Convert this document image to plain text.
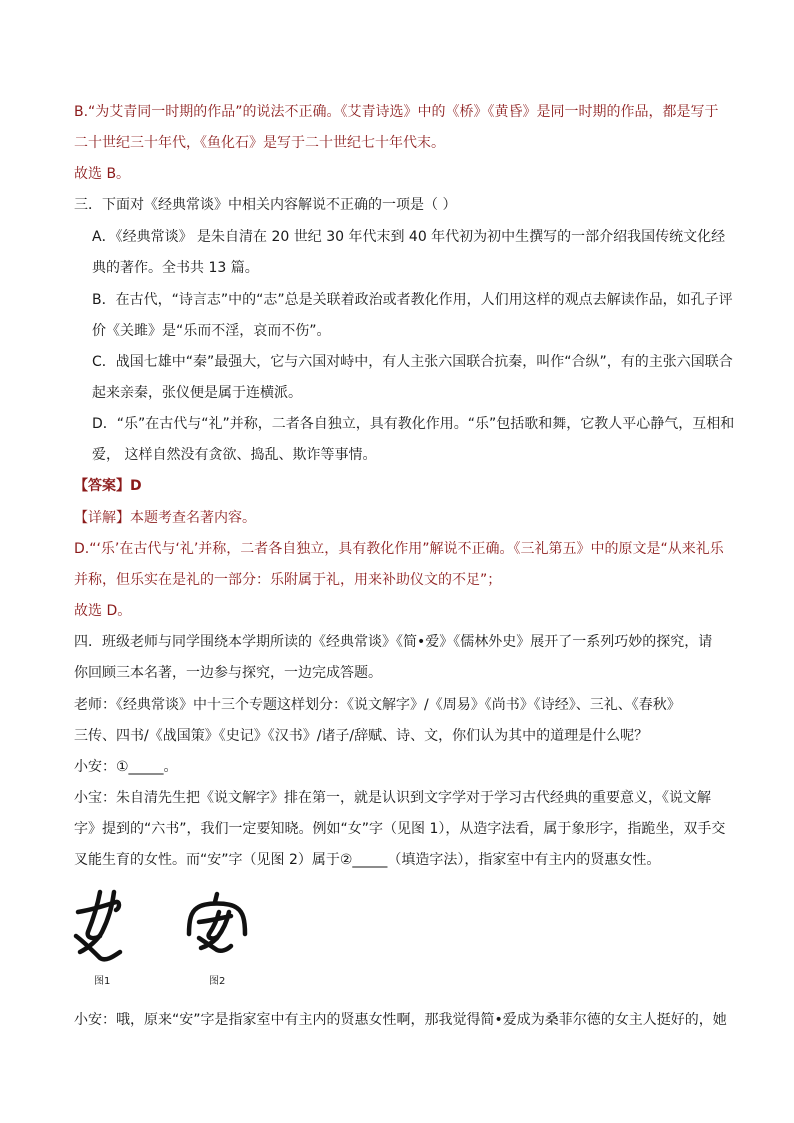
B.“为艾青同一时期的作品”的说法不正确。《艾青诗选》中的《桥》《黄昏》是同一时期的作品，都是写于
二十世纪三十年代，《鱼化石》是写于二十世纪七十年代末。
故选 B。
三．下面对《经典常谈》中相关内容解说不正确的一项是（ ）
A．《经典常谈》 是朱自清在 20 世纪 30 年代末到 40 年代初为初中生撰写的一部介绍我国传统文化经
典的著作。全书共 13 篇。
B．在古代，“诗言志”中的“志”总是关联着政治或者教化作用，人们用这样的观点去解读作品，如孔子评
价《关雎》是“乐而不淫，哀而不伤”。
C．战国七雄中“秦”最强大，它与六国对峙中，有人主张六国联合抗秦，叫作“合纵”，有的主张六国联合
起来亲秦，张仪便是属于连横派。
D．“乐”在古代与“礼”并称，二者各自独立，具有教化作用。“乐”包括歌和舞，它教人平心静气，互相和
爱， 这样自然没有贪欲、捣乱、欺诈等事情。
【答案】D
【详解】本题考查名著内容。
D.“‘乐’在古代与‘礼’并称，二者各自独立，具有教化作用”解说不正确。《三礼第五》中的原文是“从来礼乐
并称，但乐实在是礼的一部分：乐附属于礼，用来补助仪文的不足”；
故选 D。
四．班级老师与同学围绕本学期所读的《经典常谈》《简•爱》《儒林外史》展开了一系列巧妙的探究，请
你回顾三本名著，一边参与探究，一边完成答题。
老师：《经典常谈》中十三个专题这样划分：《说文解字》/《周易》《尚书》《诗经》、三礼、《春秋》
三传、四书/《战国策》《史记》《汉书》/诸子/辞赋、诗、文，你们认为其中的道理是什么呢？
小安：①_____。
小宝：朱自清先生把《说文解字》排在第一，就是认识到文字学对于学习古代经典的重要意义，《说文解
字》提到的“六书”，我们一定要知晓。例如“女”字（见图 1），从造字法看，属于象形字，指跪坐，双手交
叉能生育的女性。而“安”字（见图 2）属于②_____（填造字法），指家室中有主内的贤惠女性。
图1	图2
小安：哦，原来“安”字是指家室中有主内的贤惠女性啊，那我觉得简•爱成为桑菲尔德的女主人挺好的，她
